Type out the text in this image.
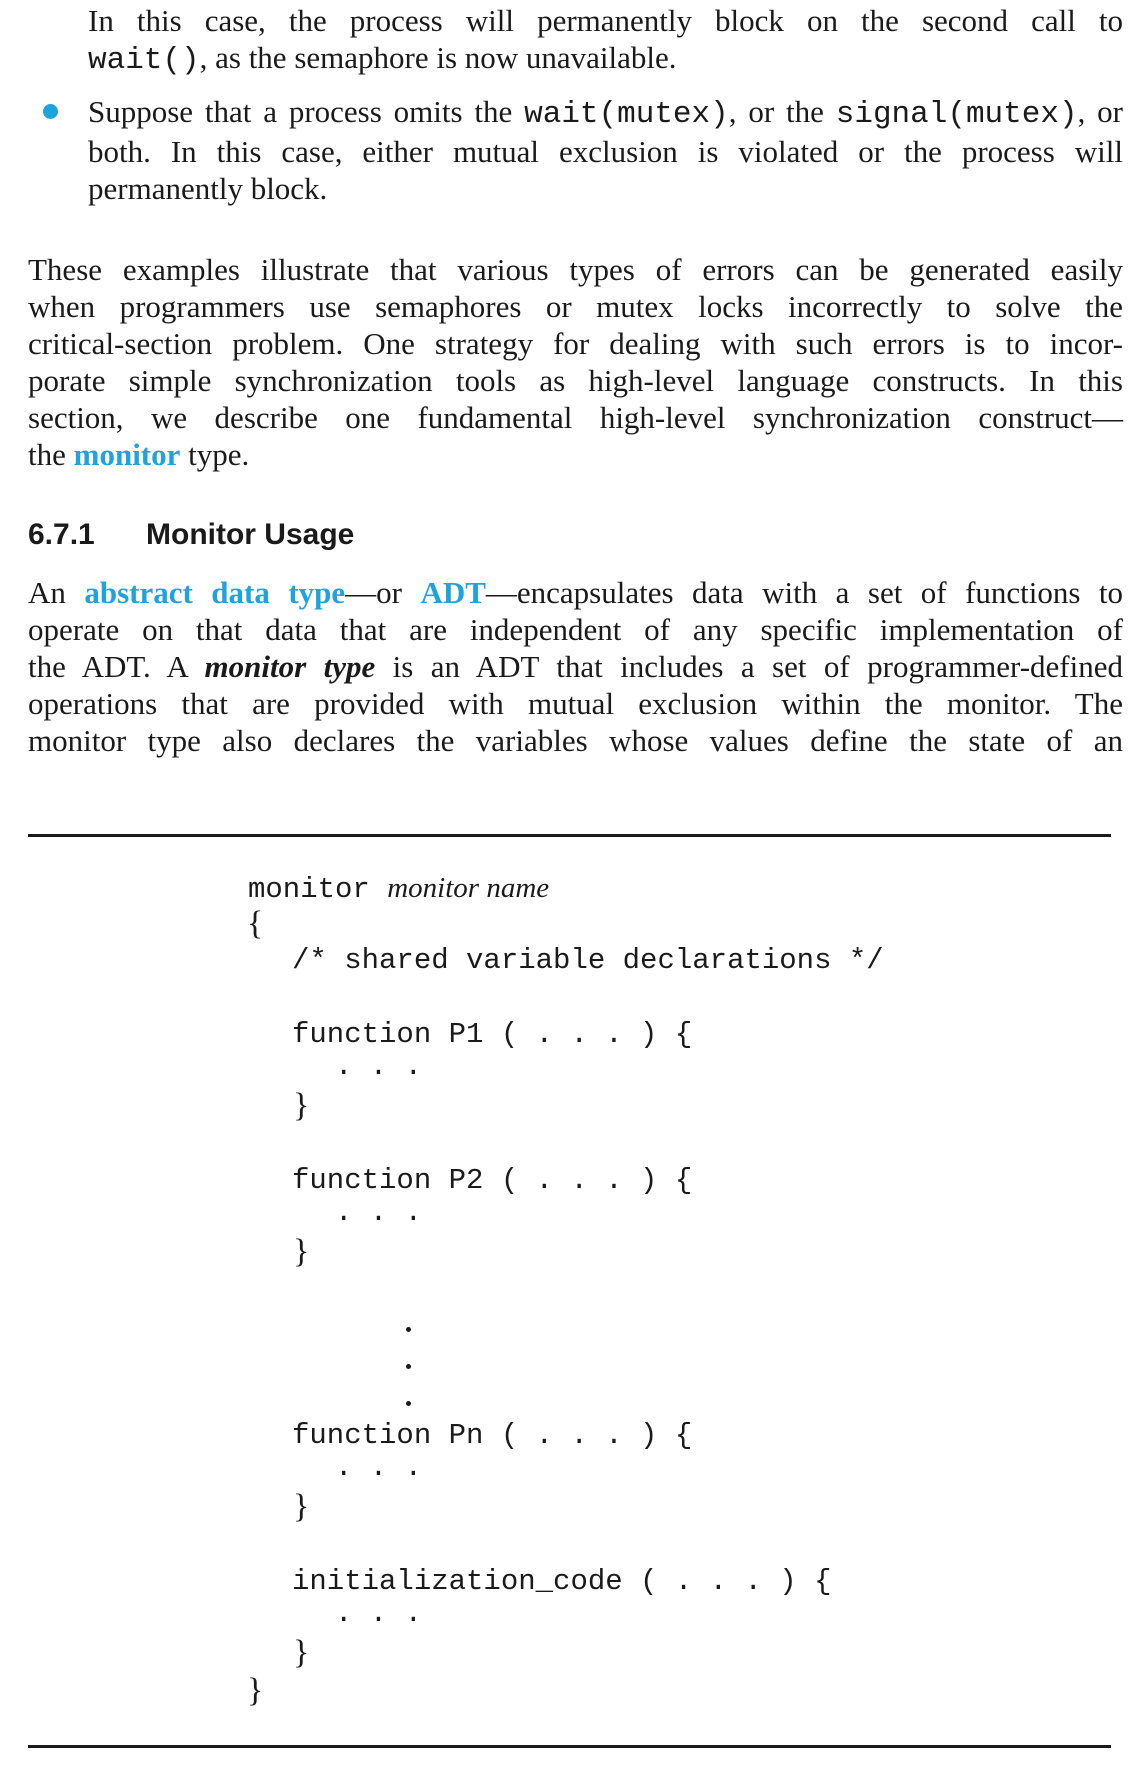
In this case, the process will permanently block on the second call to
wait(), as the semaphore is now unavailable.
Suppose that a process omits the wait(mutex), or the signal(mutex), or
both. In this case, either mutual exclusion is violated or the process will
permanently block.
These examples illustrate that various types of errors can be generated easily
when programmers use semaphores or mutex locks incorrectly to solve the
critical-section problem. One strategy for dealing with such errors is to incor-
porate simple synchronization tools as high-level language constructs. In this
section, we describe one fundamental high-level synchronization construct—
the monitor type.
6.7.1 Monitor Usage
An abstract data type—or ADT—encapsulates data with a set of functions to
operate on that data that are independent of any specific implementation of
the ADT. A monitor type is an ADT that includes a set of programmer-defined
operations that are provided with mutual exclusion within the monitor. The
monitor type also declares the variables whose values define the state of an
monitor monitor name
{
/* shared variable declarations */
function P1 ( . . . ) {
. . .
}
function P2 ( . . . ) {
. . .
}
function Pn ( . . . ) {
. . .
}
initialization_code ( . . . ) {
. . .
}
}
